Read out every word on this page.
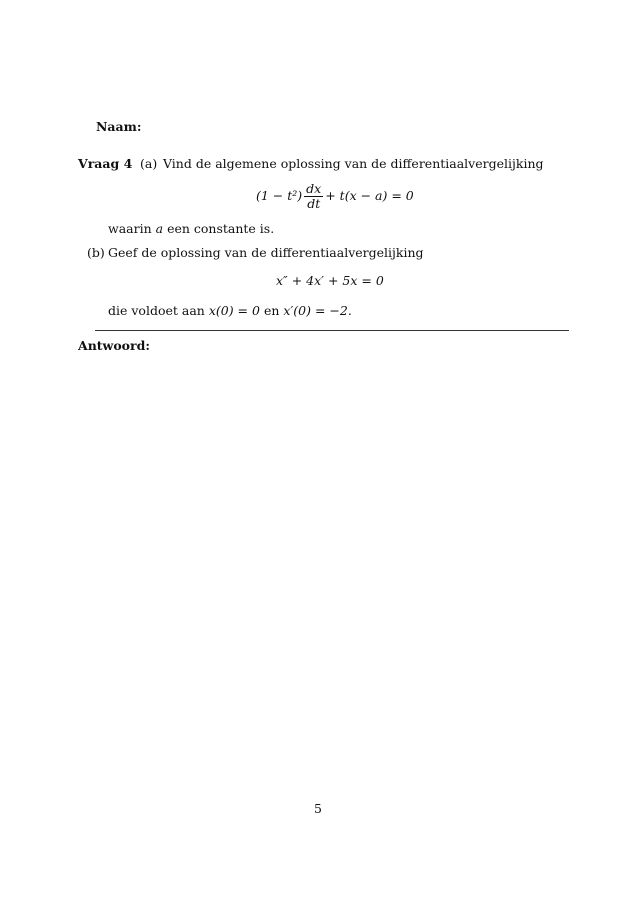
Naam:
Vraag 4 (a) Vind de algemene oplossing van de differentiaalvergelijking
$(1 - t^2) \frac{dx}{dt} + t(x - a) = 0$
waarin a een constante is.
(b) Geef de oplossing van de differentiaalvergelijking
x″ + 4x′ + 5x = 0
die voldoet aan x(0) = 0 en x′(0) = −2.
Antwoord:
5
